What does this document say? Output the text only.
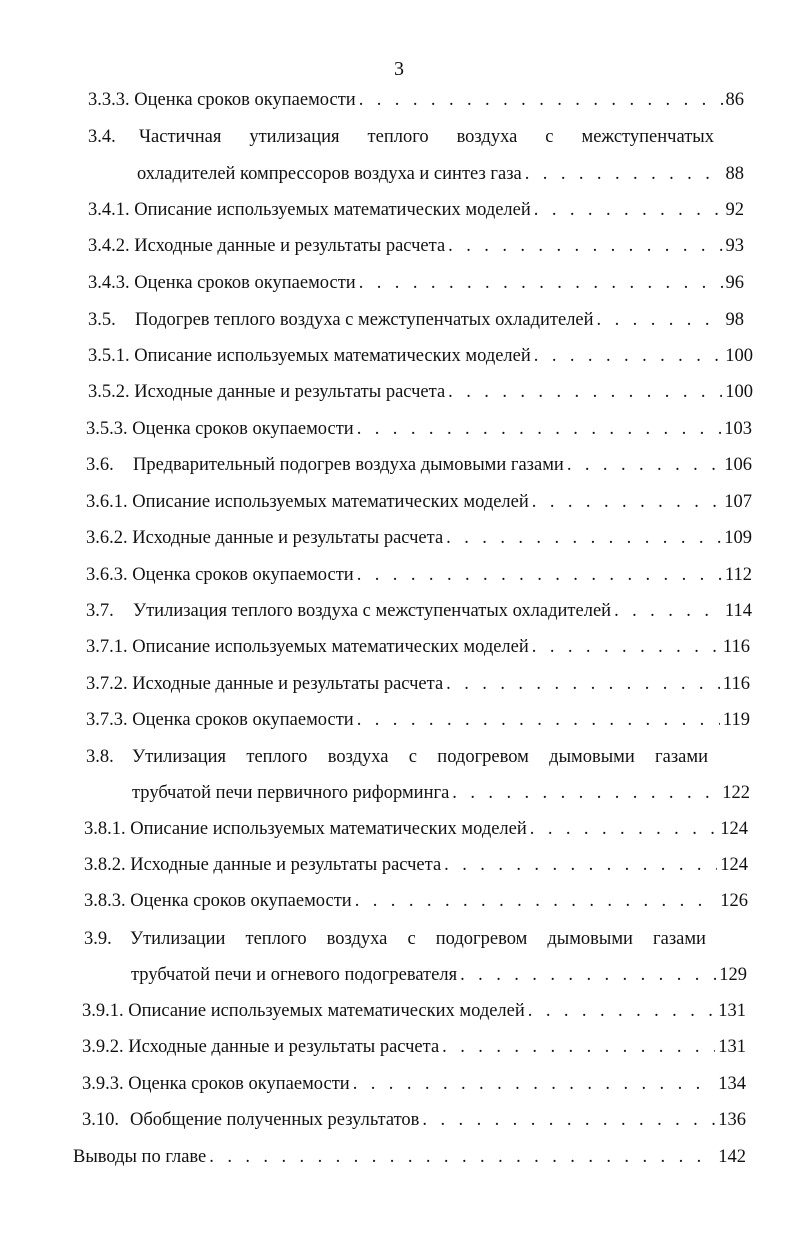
3
3.3.3. Оценка сроков окупаемости . . .	86
3.4. Частичная утилизация теплого воздуха с межступенчатых
охладителей компрессоров воздуха и синтез газа . . .	88
3.4.1. Описание используемых математических моделей . . .	92
3.4.2. Исходные данные и результаты расчета . . .	93
3.4.3. Оценка сроков окупаемости . . .	96
3.5.	Подогрев теплого воздуха с межступенчатых охладителей . . .	98
3.5.1. Описание используемых математических моделей . . .	100
3.5.2. Исходные данные и результаты расчета . . .	100
3.5.3. Оценка сроков окупаемости . . .	103
3.6.	Предварительный подогрев воздуха дымовыми газами . . .	106
3.6.1. Описание используемых математических моделей . . .	107
3.6.2. Исходные данные и результаты расчета . . .	109
3.6.3. Оценка сроков окупаемости . . .	112
3.7.	Утилизация теплого воздуха с межступенчатых охладителей . . .	114
3.7.1. Описание используемых математических моделей . . .	116
3.7.2. Исходные данные и результаты расчета . . .	116
3.7.3. Оценка сроков окупаемости . . .	119
3.8. Утилизация теплого воздуха с подогревом дымовыми газами
трубчатой печи первичного риформинга . . .	122
3.8.1. Описание используемых математических моделей . . .	124
3.8.2. Исходные данные и результаты расчета . . .	124
3.8.3. Оценка сроков окупаемости . . .	126
3.9. Утилизации теплого воздуха с подогревом дымовыми газами
трубчатой печи и огневого подогревателя . . .	129
3.9.1. Описание используемых математических моделей . . .	131
3.9.2. Исходные данные и результаты расчета . . .	131
3.9.3. Оценка сроков окупаемости . . .	134
3.10. Обобщение полученных результатов . . .	136
Выводы по главе . . .	142
